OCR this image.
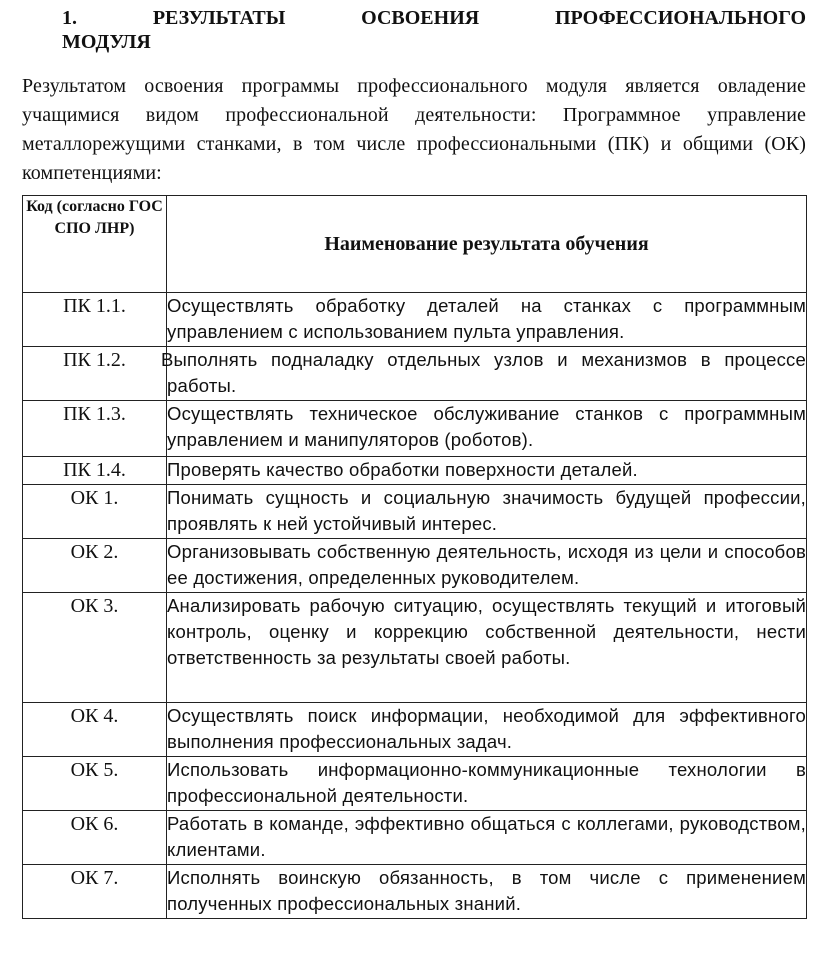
1. РЕЗУЛЬТАТЫ ОСВОЕНИЯ ПРОФЕССИОНАЛЬНОГО
МОДУЛЯ
Результатом освоения программы профессионального модуля является овладение учащимися видом профессиональной деятельности: Программное управление металлорежущими станками, в том числе профессиональными (ПК) и общими (ОК) компетенциями:
Код (согласно ГОС СПО ЛНР)	Наименование результата обучения
ПК 1.1.	Осуществлять обработку деталей на станках с программным управлением с использованием пульта управления.
ПК 1.2.	Выполнять подналадку отдельных узлов и механизмов в процессе работы.
ПК 1.3.	Осуществлять техническое обслуживание станков с программным управлением и манипуляторов (роботов).
ПК 1.4.	Проверять качество обработки поверхности деталей.
ОК 1.	Понимать сущность и социальную значимость будущей профессии, проявлять к ней устойчивый интерес.
ОК 2.	Организовывать собственную деятельность, исходя из цели и способов ее достижения, определенных руководителем.
ОК 3.	Анализировать рабочую ситуацию, осуществлять текущий и итоговый контроль, оценку и коррекцию собственной деятельности, нести ответственность за результаты своей работы.
ОК 4.	Осуществлять поиск информации, необходимой для эффективного выполнения профессиональных задач.
ОК 5.	Использовать информационно-коммуникационные технологии в профессиональной деятельности.
ОК 6.	Работать в команде, эффективно общаться с коллегами, руководством, клиентами.
ОК 7.	Исполнять воинскую обязанность, в том числе с применением полученных профессиональных знаний.
